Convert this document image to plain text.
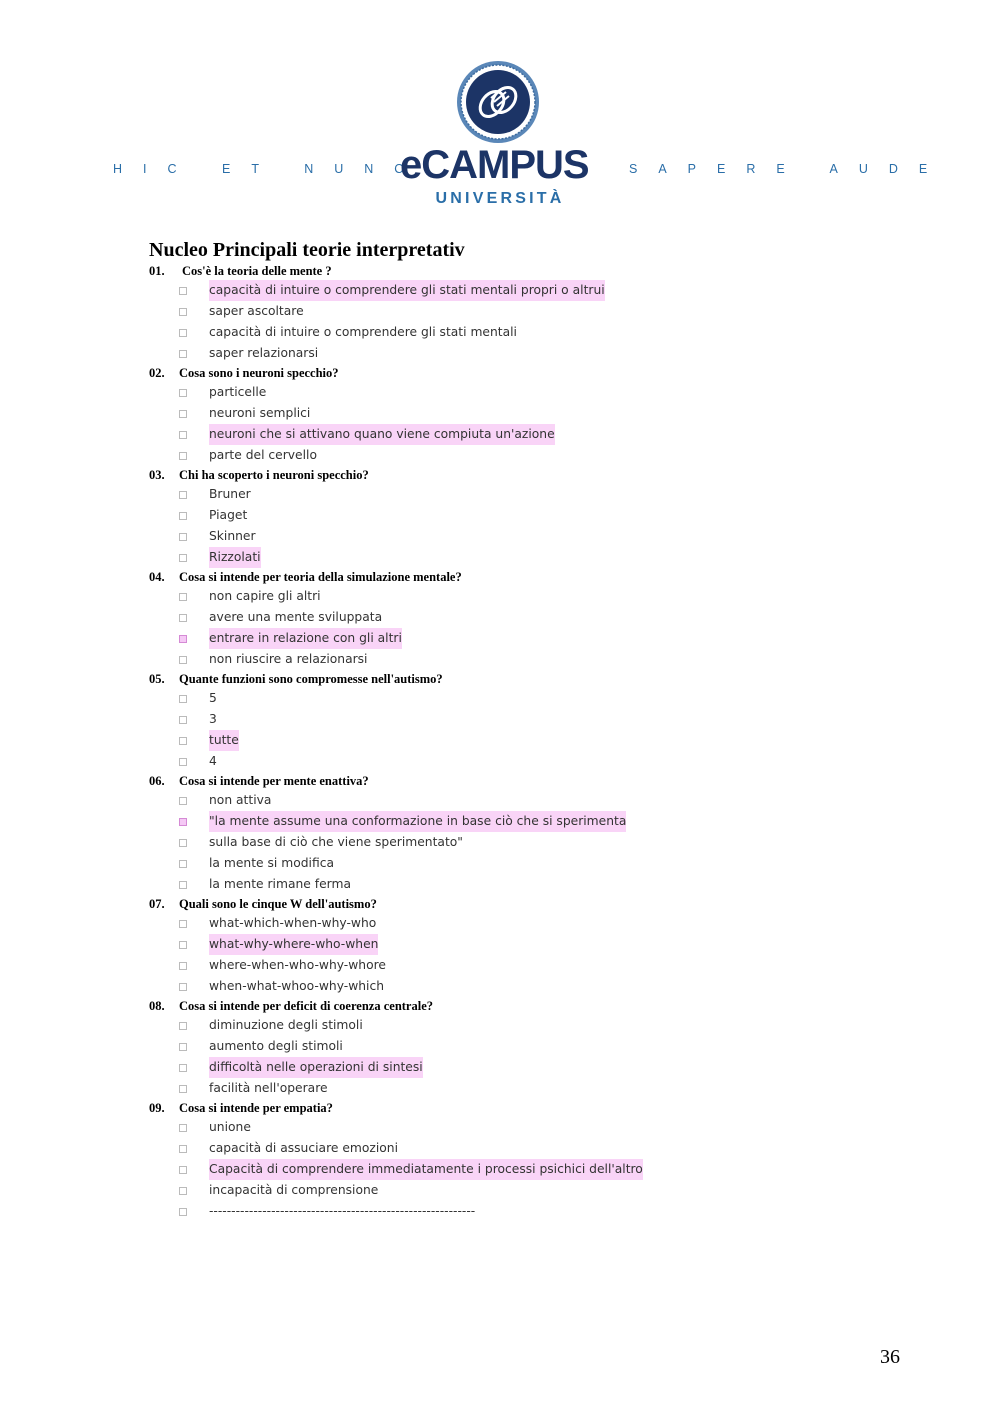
HIC ET NUNC
eCAMPUS
UNIVERSITÀ
SAPERE AUDE
Nucleo Principali teorie interpretativ
01. Cos'è la teoria delle mente ?
capacità di intuire o comprendere gli stati mentali propri o altrui
saper ascoltare
capacità di intuire o comprendere gli stati mentali
saper relazionarsi
02. Cosa sono i neuroni specchio?
particelle
neuroni semplici
neuroni che si attivano quano viene compiuta un'azione
parte del cervello
03. Chi ha scoperto i neuroni specchio?
Bruner
Piaget
Skinner
Rizzolati
04. Cosa si intende per teoria della simulazione mentale?
non capire gli altri
avere una mente sviluppata
entrare in relazione con gli altri
non riuscire a relazionarsi
05. Quante funzioni sono compromesse nell'autismo?
5
3
tutte
4
06. Cosa si intende per mente enattiva?
non attiva
"la mente assume una conformazione in base ciò che si sperimenta
sulla base di ciò che viene sperimentato"
la mente si modifica
la mente rimane ferma
07. Quali sono le cinque W dell'autismo?
what-which-when-why-who
what-why-where-who-when
where-when-who-why-whore
when-what-whoo-why-which
08. Cosa si intende per deficit di coerenza centrale?
diminuzione degli stimoli
aumento degli stimoli
difficoltà nelle operazioni di sintesi
facilità nell'operare
09. Cosa si intende per empatia?
unione
capacità di assuciare emozioni
Capacità di comprendere immediatamente i processi psichici dell'altro
incapacità di comprensione
------------------------------------------------------------
36
